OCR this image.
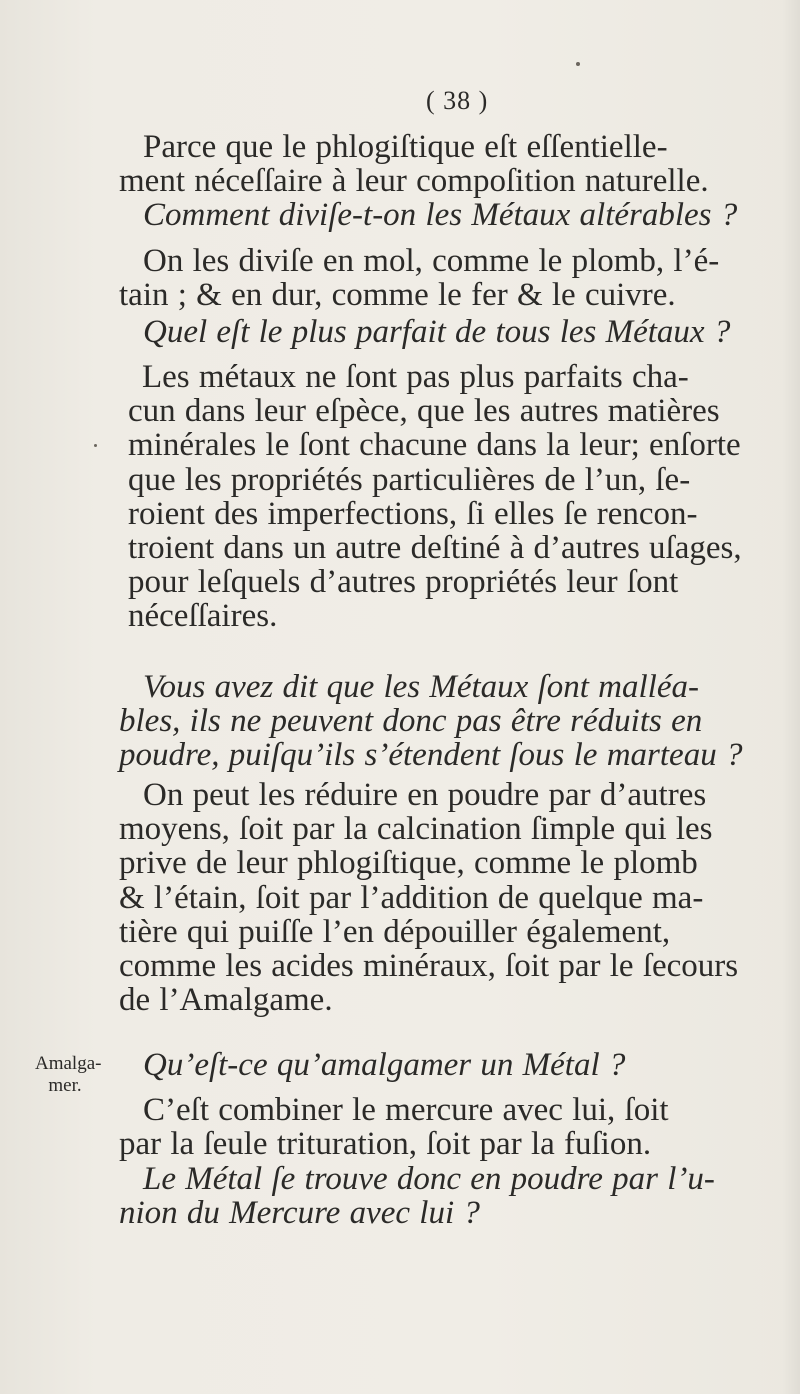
( 38 )

Parce que le phlogiſtique eſt eſſentielle-
ment néceſſaire à leur compoſition naturelle.

Comment diviſe-t-on les Métaux altérables ?

On les diviſe en mol, comme le plomb, l’é-
tain ; & en dur, comme le fer & le cuivre.

Quel eſt le plus parfait de tous les Métaux ?

Les métaux ne ſont pas plus parfaits cha-
cun dans leur eſpèce, que les autres matières
minérales le ſont chacune dans la leur; enſorte
que les propriétés particulières de l’un, ſe-
roient des imperfections, ſi elles ſe rencon-
troient dans un autre deſtiné à d’autres uſages,
pour leſquels d’autres propriétés leur ſont
néceſſaires.

Vous avez dit que les Métaux ſont malléa-
bles, ils ne peuvent donc pas être réduits en
poudre, puiſqu’ils s’étendent ſous le marteau ?

On peut les réduire en poudre par d’autres
moyens, ſoit par la calcination ſimple qui les
prive de leur phlogiſtique, comme le plomb
& l’étain, ſoit par l’addition de quelque ma-
tière qui puiſſe l’en dépouiller également,
comme les acides minéraux, ſoit par le ſecours
de l’Amalgame.

Amalga-
mer.

Qu’eſt-ce qu’amalgamer un Métal ?

C’eſt combiner le mercure avec lui, ſoit
par la ſeule trituration, ſoit par la fuſion.

Le Métal ſe trouve donc en poudre par l’u-
nion du Mercure avec lui ?
